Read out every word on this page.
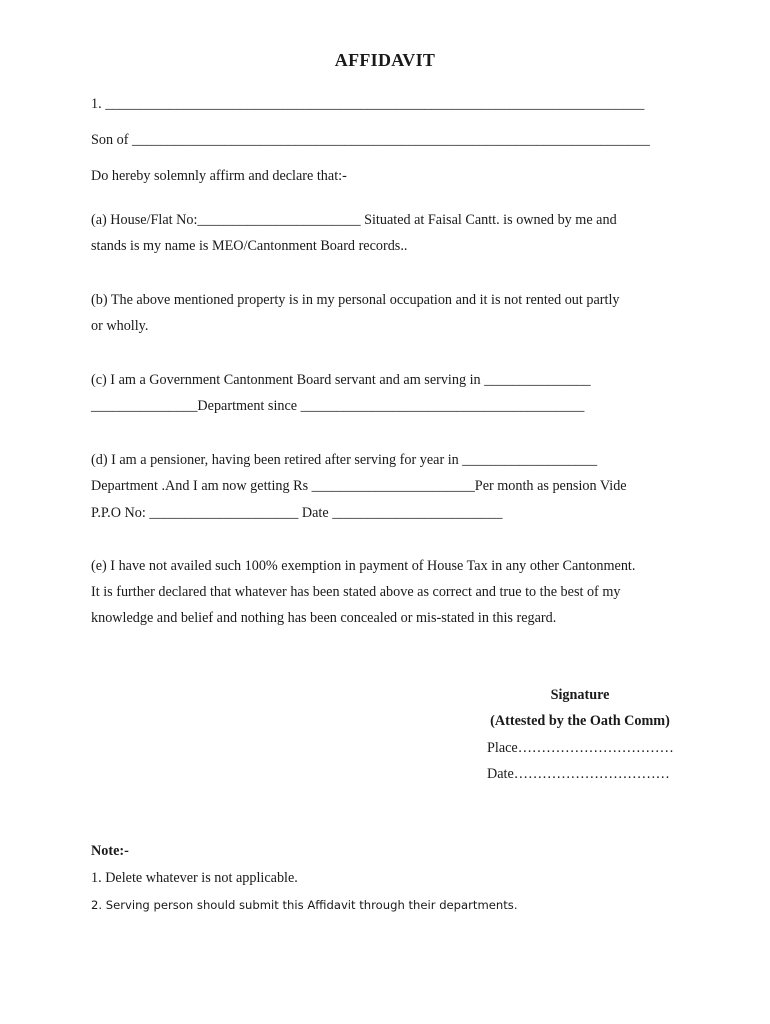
AFFIDAVIT
1. ____________________________________________________________________________
Son of _________________________________________________________________________
Do hereby solemnly affirm and declare that:-
(a) House/Flat No:_______________________ Situated at Faisal Cantt. is owned by me and
stands is my name is MEO/Cantonment Board records..
(b) The above mentioned property is in my personal occupation and it is not rented out partly
or wholly.
(c) I am a Government Cantonment Board servant and am serving in _______________
_______________Department since ________________________________________
(d) I am a pensioner, having been retired after serving for year in ___________________
Department .And I am now getting Rs _______________________Per month as pension Vide
P.P.O No: _____________________ Date ________________________
(e) I have not availed such 100% exemption in payment of House Tax in any other Cantonment.
It is further declared that whatever has been stated above as correct and true to the best of my
knowledge and belief and nothing has been concealed or mis-stated in this regard.
Signature
(Attested by the Oath Comm)
Place……………………………
Date……………………………
Note:-
1. Delete whatever is not applicable.
2. Serving person should submit this Affidavit through their departments.
